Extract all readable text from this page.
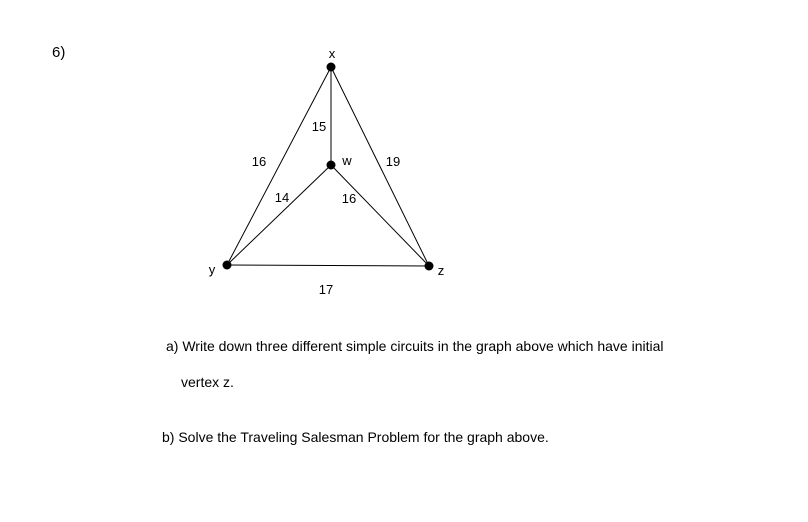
6)	x
w
y	z
15
16	19
14	16
17
a) Write down three different simple circuits in the graph above which have initial
vertex z.
b) Solve the Traveling Salesman Problem for the graph above.
